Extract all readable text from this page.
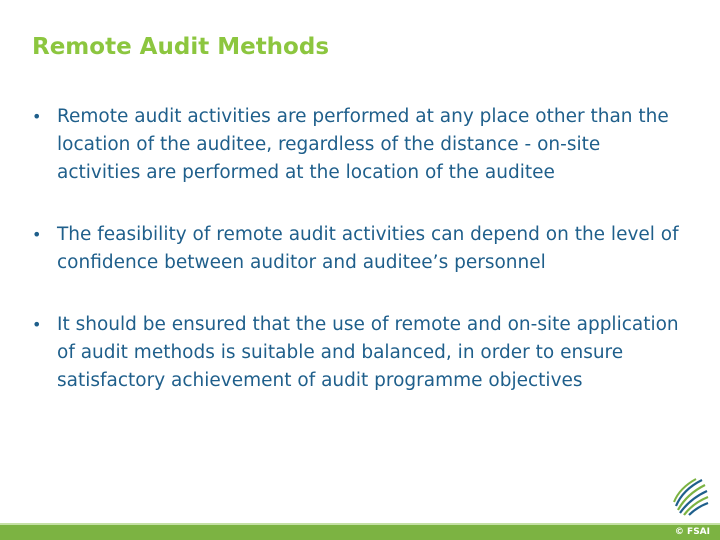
Remote Audit Methods
• Remote audit activities are performed at any place other than the location of the auditee, regardless of the distance - on-site activities are performed at the location of the auditee
• The feasibility of remote audit activities can depend on the level of confidence between auditor and auditee’s personnel
• It should be ensured that the use of remote and on-site application of audit methods is suitable and balanced, in order to ensure satisfactory achievement of audit programme objectives
© FSAI
